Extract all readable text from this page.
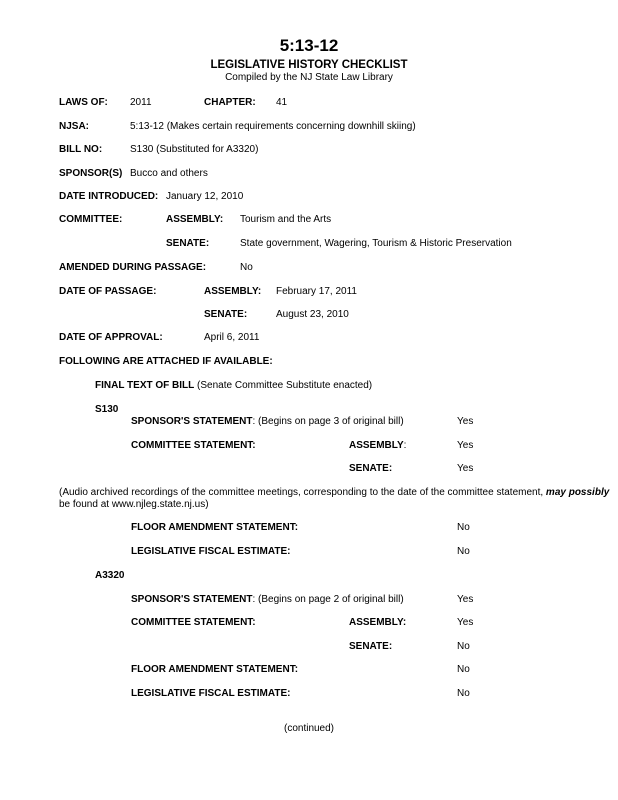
5:13-12
LEGISLATIVE HISTORY CHECKLIST
Compiled by the NJ State Law Library
LAWS OF: 2011	CHAPTER: 41
NJSA:	5:13-12 (Makes certain requirements concerning downhill skiing)
BILL NO:	S130 (Substituted for A3320)
SPONSOR(S) Bucco and others
DATE INTRODUCED: January 12, 2010
COMMITTEE:	ASSEMBLY: Tourism and the Arts
SENATE:	State government, Wagering, Tourism & Historic Preservation
AMENDED DURING PASSAGE:	No
DATE OF PASSAGE:	ASSEMBLY: February 17, 2011
SENATE:	August 23, 2010
DATE OF APPROVAL:	April 6, 2011
FOLLOWING ARE ATTACHED IF AVAILABLE:
FINAL TEXT OF BILL (Senate Committee Substitute enacted)
S130
SPONSOR'S STATEMENT: (Begins on page 3 of original bill)	Yes
COMMITTEE STATEMENT:	ASSEMBLY:	Yes
SENATE:	Yes
(Audio archived recordings of the committee meetings, corresponding to the date of the committee statement, may possibly
be found at www.njleg.state.nj.us)
FLOOR AMENDMENT STATEMENT:	No
LEGISLATIVE FISCAL ESTIMATE:	No
A3320
SPONSOR'S STATEMENT: (Begins on page 2 of original bill)	Yes
COMMITTEE STATEMENT:	ASSEMBLY:	Yes
SENATE:	No
FLOOR AMENDMENT STATEMENT:	No
LEGISLATIVE FISCAL ESTIMATE:	No
(continued)
